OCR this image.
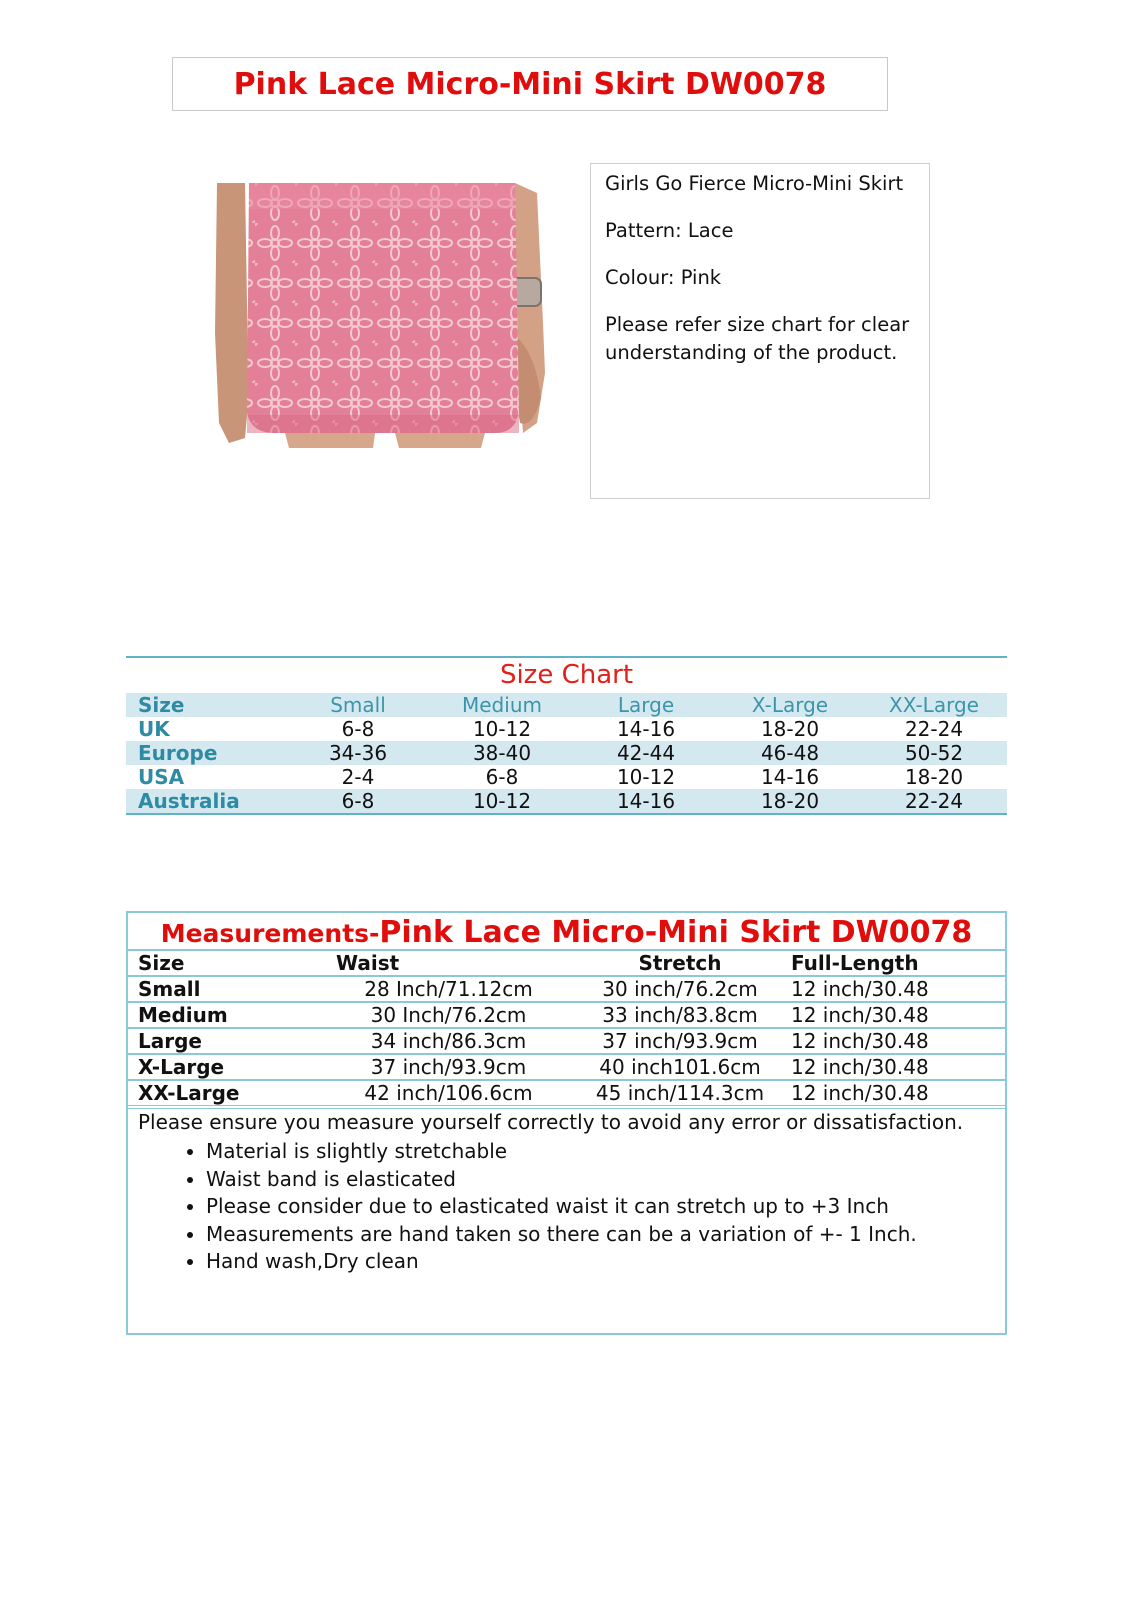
Pink Lace Micro-Mini Skirt DW0078

Girls Go Fierce Micro-Mini Skirt

Pattern: Lace

Colour: Pink

Please refer size chart for clear understanding of the product.

Size Chart
Size	Small	Medium	Large	X-Large	XX-Large
UK	6-8	10-12	14-16	18-20	22-24
Europe	34-36	38-40	42-44	46-48	50-52
USA	2-4	6-8	10-12	14-16	18-20
Australia	6-8	10-12	14-16	18-20	22-24
Measurements-Pink Lace Micro-Mini Skirt DW0078
Size	Waist	Stretch	Full-Length
Small	28 Inch/71.12cm	30 inch/76.2cm	12 inch/30.48
Medium	30 Inch/76.2cm	33 inch/83.8cm	12 inch/30.48
Large	34 inch/86.3cm	37 inch/93.9cm	12 inch/30.48
X-Large	37 inch/93.9cm	40 inch101.6cm	12 inch/30.48
XX-Large	42 inch/106.6cm	45 inch/114.3cm	12 inch/30.48

Please ensure you measure yourself correctly to avoid any error or dissatisfaction.

• Material is slightly stretchable
• Waist band is elasticated
• Please consider due to elasticated waist it can stretch up to +3 Inch
• Measurements are hand taken so there can be a variation of +- 1 Inch.
• Hand wash,Dry clean
